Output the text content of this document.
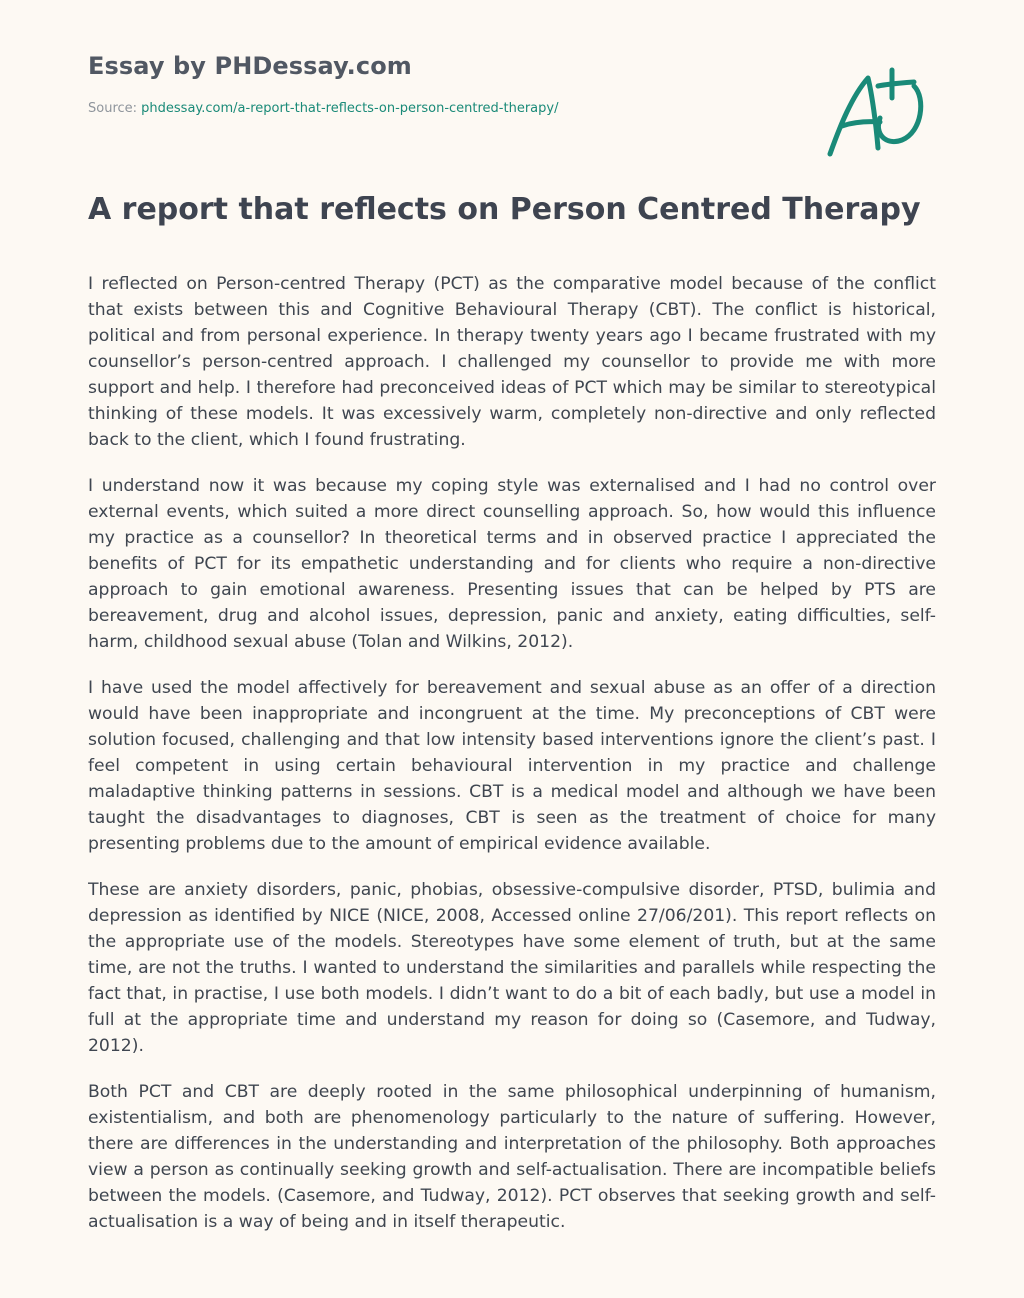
Essay by PHDessay.com
Source: phdessay.com/a-report-that-reflects-on-person-centred-therapy/
A report that reflects on Person Centred Therapy

I reflected on Person-centred Therapy (PCT) as the comparative model because of the conflict that exists between this and Cognitive Behavioural Therapy (CBT). The conflict is historical, political and from personal experience. In therapy twenty years ago I became frustrated with my counsellor’s person-centred approach. I challenged my counsellor to provide me with more support and help. I therefore had preconceived ideas of PCT which may be similar to stereotypical thinking of these models. It was excessively warm, completely non-directive and only reflected back to the client, which I found frustrating.

I understand now it was because my coping style was externalised and I had no control over external events, which suited a more direct counselling approach. So, how would this influence my practice as a counsellor? In theoretical terms and in observed practice I appreciated the benefits of PCT for its empathetic understanding and for clients who require a non-directive approach to gain emotional awareness. Presenting issues that can be helped by PTS are bereavement, drug and alcohol issues, depression, panic and anxiety, eating difficulties, self-harm, childhood sexual abuse (Tolan and Wilkins, 2012).

I have used the model affectively for bereavement and sexual abuse as an offer of a direction would have been inappropriate and incongruent at the time. My preconceptions of CBT were solution focused, challenging and that low intensity based interventions ignore the client’s past. I feel competent in using certain behavioural intervention in my practice and challenge maladaptive thinking patterns in sessions. CBT is a medical model and although we have been taught the disadvantages to diagnoses, CBT is seen as the treatment of choice for many presenting problems due to the amount of empirical evidence available.

These are anxiety disorders, panic, phobias, obsessive-compulsive disorder, PTSD, bulimia and depression as identified by NICE (NICE, 2008, Accessed online 27/06/201). This report reflects on the appropriate use of the models. Stereotypes have some element of truth, but at the same time, are not the truths. I wanted to understand the similarities and parallels while respecting the fact that, in practise, I use both models. I didn’t want to do a bit of each badly, but use a model in full at the appropriate time and understand my reason for doing so (Casemore, and Tudway, 2012).

Both PCT and CBT are deeply rooted in the same philosophical underpinning of humanism, existentialism, and both are phenomenology particularly to the nature of suffering. However, there are differences in the understanding and interpretation of the philosophy. Both approaches view a person as continually seeking growth and self-actualisation. There are incompatible beliefs between the models. (Casemore, and Tudway, 2012). PCT observes that seeking growth and self-actualisation is a way of being and in itself therapeutic.
